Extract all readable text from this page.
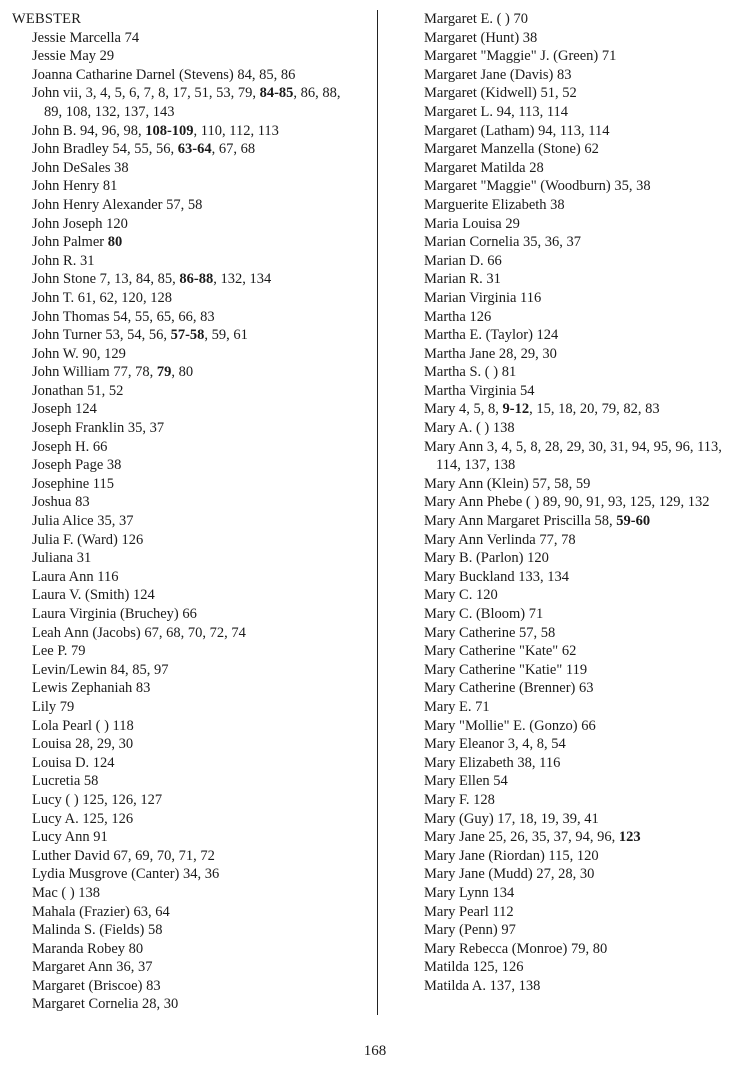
WEBSTER
Jessie Marcella 74
Jessie May 29
Joanna Catharine Darnel (Stevens) 84, 85, 86
John vii, 3, 4, 5, 6, 7, 8, 17, 51, 53, 79, 84-85, 86, 88, 89, 108, 132, 137, 143
John B. 94, 96, 98, 108-109, 110, 112, 113
John Bradley 54, 55, 56, 63-64, 67, 68
John DeSales 38
John Henry 81
John Henry Alexander 57, 58
John Joseph 120
John Palmer 80
John R. 31
John Stone 7, 13, 84, 85, 86-88, 132, 134
John T. 61, 62, 120, 128
John Thomas 54, 55, 65, 66, 83
John Turner 53, 54, 56, 57-58, 59, 61
John W. 90, 129
John William 77, 78, 79, 80
Jonathan 51, 52
Joseph 124
Joseph Franklin 35, 37
Joseph H. 66
Joseph Page 38
Josephine 115
Joshua 83
Julia Alice 35, 37
Julia F. (Ward) 126
Juliana 31
Laura Ann 116
Laura V. (Smith) 124
Laura Virginia (Bruchey) 66
Leah Ann (Jacobs) 67, 68, 70, 72, 74
Lee P. 79
Levin/Lewin 84, 85, 97
Lewis Zephaniah 83
Lily 79
Lola Pearl ( ) 118
Louisa 28, 29, 30
Louisa D. 124
Lucretia 58
Lucy ( ) 125, 126, 127
Lucy A. 125, 126
Lucy Ann 91
Luther David 67, 69, 70, 71, 72
Lydia Musgrove (Canter) 34, 36
Mac ( ) 138
Mahala (Frazier) 63, 64
Malinda S. (Fields) 58
Maranda Robey 80
Margaret Ann 36, 37
Margaret (Briscoe) 83
Margaret Cornelia 28, 30
Margaret E. ( ) 70
Margaret (Hunt) 38
Margaret "Maggie" J. (Green) 71
Margaret Jane (Davis) 83
Margaret (Kidwell) 51, 52
Margaret L. 94, 113, 114
Margaret (Latham) 94, 113, 114
Margaret Manzella (Stone) 62
Margaret Matilda 28
Margaret "Maggie" (Woodburn) 35, 38
Marguerite Elizabeth 38
Maria Louisa 29
Marian Cornelia 35, 36, 37
Marian D. 66
Marian R. 31
Marian Virginia 116
Martha 126
Martha E. (Taylor) 124
Martha Jane 28, 29, 30
Martha S. ( ) 81
Martha Virginia 54
Mary 4, 5, 8, 9-12, 15, 18, 20, 79, 82, 83
Mary A. ( ) 138
Mary Ann 3, 4, 5, 8, 28, 29, 30, 31, 94, 95, 96, 113, 114, 137, 138
Mary Ann (Klein) 57, 58, 59
Mary Ann Phebe ( ) 89, 90, 91, 93, 125, 129, 132
Mary Ann Margaret Priscilla 58, 59-60
Mary Ann Verlinda 77, 78
Mary B. (Parlon) 120
Mary Buckland 133, 134
Mary C. 120
Mary C. (Bloom) 71
Mary Catherine 57, 58
Mary Catherine "Kate" 62
Mary Catherine "Katie" 119
Mary Catherine (Brenner) 63
Mary E. 71
Mary "Mollie" E. (Gonzo) 66
Mary Eleanor 3, 4, 8, 54
Mary Elizabeth 38, 116
Mary Ellen 54
Mary F. 128
Mary (Guy) 17, 18, 19, 39, 41
Mary Jane 25, 26, 35, 37, 94, 96, 123
Mary Jane (Riordan) 115, 120
Mary Jane (Mudd) 27, 28, 30
Mary Lynn 134
Mary Pearl 112
Mary (Penn) 97
Mary Rebecca (Monroe) 79, 80
Matilda 125, 126
Matilda A. 137, 138
168
